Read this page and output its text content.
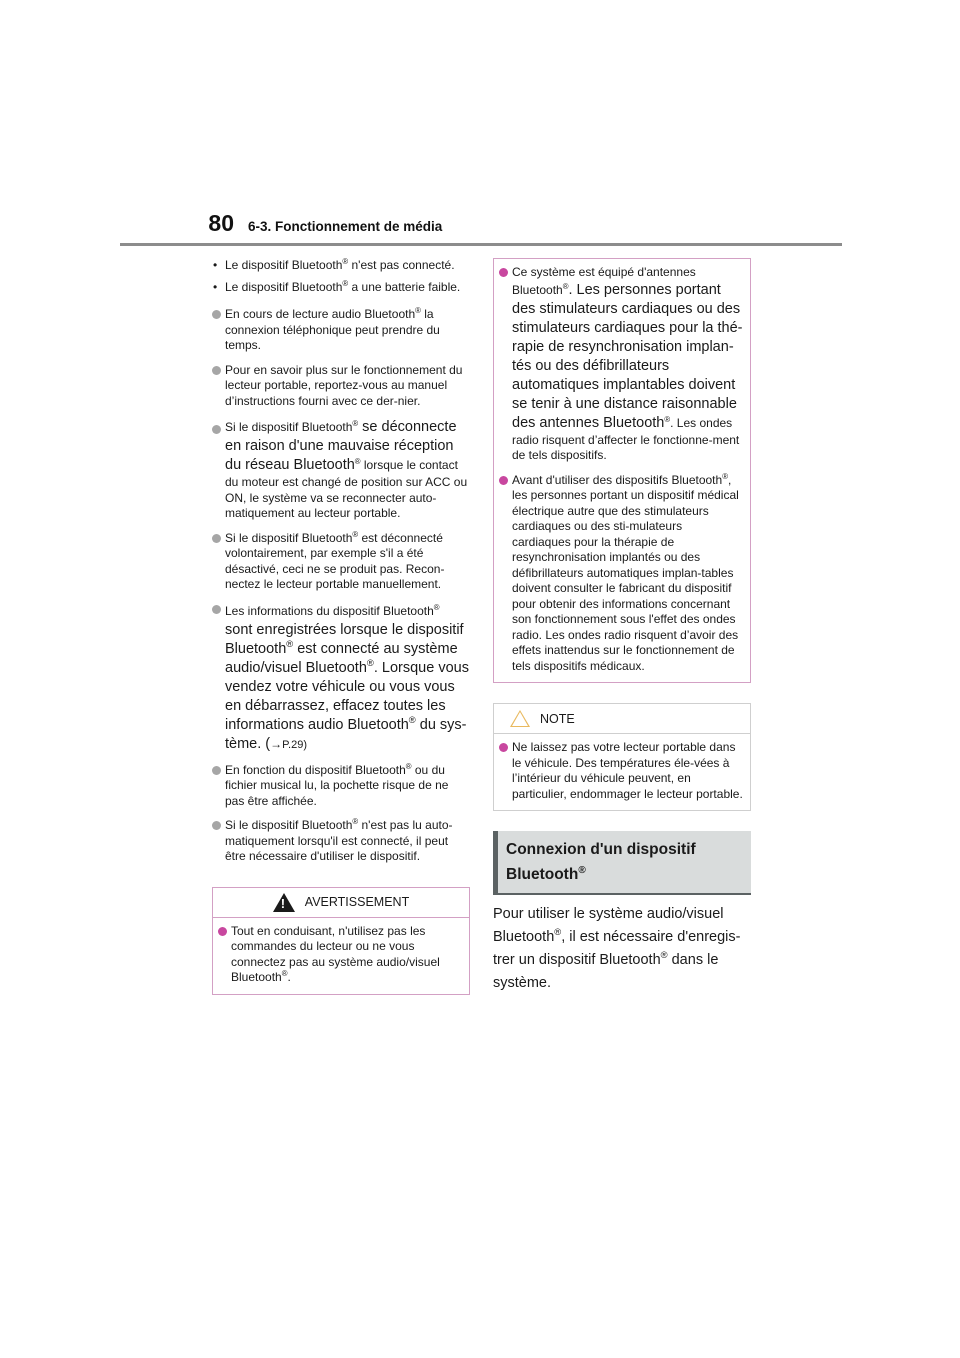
80 6-3. Fonctionnement de média
• Le dispositif Bluetooth® n'est pas connecté.
• Le dispositif Bluetooth® a une batterie faible.
En cours de lecture audio Bluetooth® la connexion téléphonique peut prendre du temps.
Pour en savoir plus sur le fonctionnement du lecteur portable, reportez-vous au manuel d’instructions fourni avec ce der-nier.
Si le dispositif Bluetooth® se déconnecte en raison d'une mauvaise réception du réseau Bluetooth® lorsque le contact du moteur est changé de position sur ACC ou ON, le système va se reconnecter auto-matiquement au lecteur portable.
Si le dispositif Bluetooth® est déconnecté volontairement, par exemple s'il a été désactivé, ceci ne se produit pas. Recon-nectez le lecteur portable manuellement.
Les informations du dispositif Bluetooth® sont enregistrées lorsque le dispositif Bluetooth® est connecté au système audio/visuel Bluetooth®. Lorsque vous vendez votre véhicule ou vous vous en débarrassez, effacez toutes les informations audio Bluetooth® du sys-tème. (→P.29)
En fonction du dispositif Bluetooth® ou du fichier musical lu, la pochette risque de ne pas être affichée.
Si le dispositif Bluetooth® n'est pas lu auto-matiquement lorsqu'il est connecté, il peut être nécessaire d'utiliser le dispositif.
!
AVERTISSEMENT
Tout en conduisant, n'utilisez pas les commandes du lecteur ou ne vous connectez pas au système audio/visuel Bluetooth®.
Ce système est équipé d'antennes Bluetooth®. Les personnes portant des stimulateurs cardiaques ou des stimulateurs cardiaques pour la thé-rapie de resynchronisation implan-tés ou des défibrillateurs automatiques implantables doivent se tenir à une distance raisonnable des antennes Bluetooth®. Les ondes radio risquent d’affecter le fonctionne-ment de tels dispositifs.
Avant d'utiliser des dispositifs Bluetooth®, les personnes portant un dispositif médical électrique autre que des stimulateurs cardiaques ou des sti-mulateurs cardiaques pour la thérapie de resynchronisation implantés ou des défibrillateurs automatiques implan-tables doivent consulter le fabricant du dispositif pour obtenir des informations concernant son fonctionnement sous l'effet des ondes radio. Les ondes radio risquent d’avoir des effets inattendus sur le fonctionnement de tels dispositifs médicaux.
NOTE
Ne laissez pas votre lecteur portable dans le véhicule. Des températures éle-vées à l’intérieur du véhicule peuvent, en particulier, endommager le lecteur portable.
Connexion d'un dispositif
Bluetooth®
Pour utiliser le système audio/visuel Bluetooth®, il est nécessaire d'enregis-trer un dispositif Bluetooth® dans le système.
